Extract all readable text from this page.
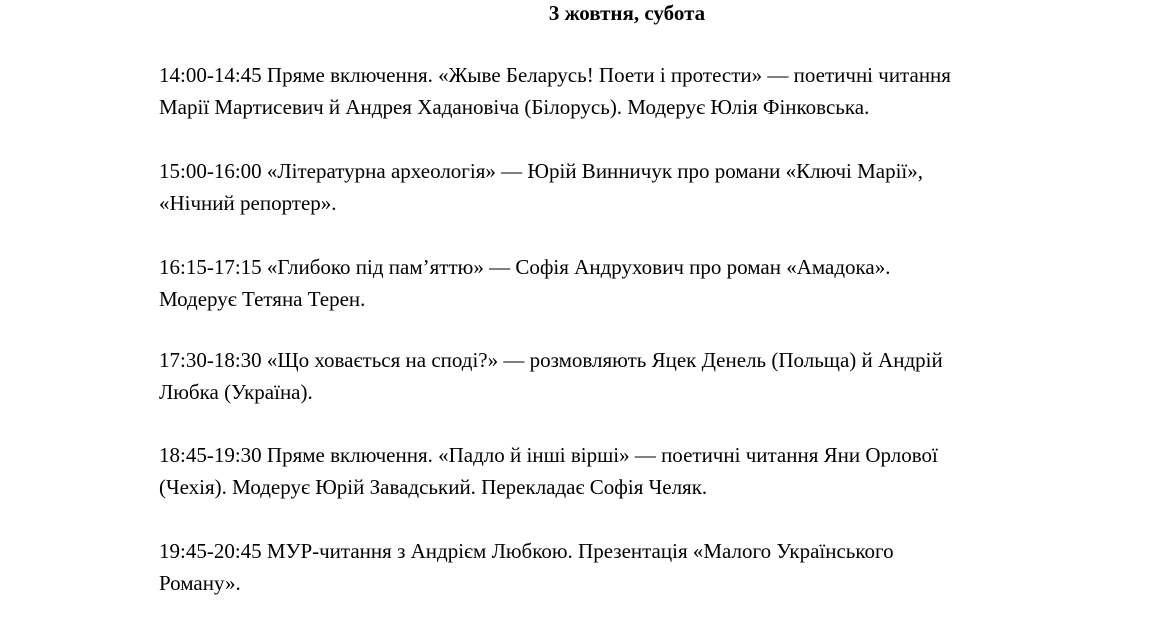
3 жовтня, субота
14:00-14:45 Пряме включення. «Жыве Беларусь! Поети і протести» — поетичні читання
Марії Мартисевич й Андрея Хадановіча (Білорусь). Модерує Юлія Фінковська.
15:00-16:00 «Літературна археологія» — Юрій Винничук про романи «Ключі Марії»,
«Нічний репортер».
16:15-17:15 «Глибоко під пам’яттю» — Софія Андрухович про роман «Амадока».
Модерує Тетяна Терен.
17:30-18:30 «Що ховається на споді?» — розмовляють Яцек Денель (Польща) й Андрій
Любка (Україна).
18:45-19:30 Пряме включення. «Падло й інші вірші» — поетичні читання Яни Орлової
(Чехія). Модерує Юрій Завадський. Перекладає Софія Челяк.
19:45-20:45 МУР-читання з Андрієм Любкою. Презентація «Малого Українського
Роману».
